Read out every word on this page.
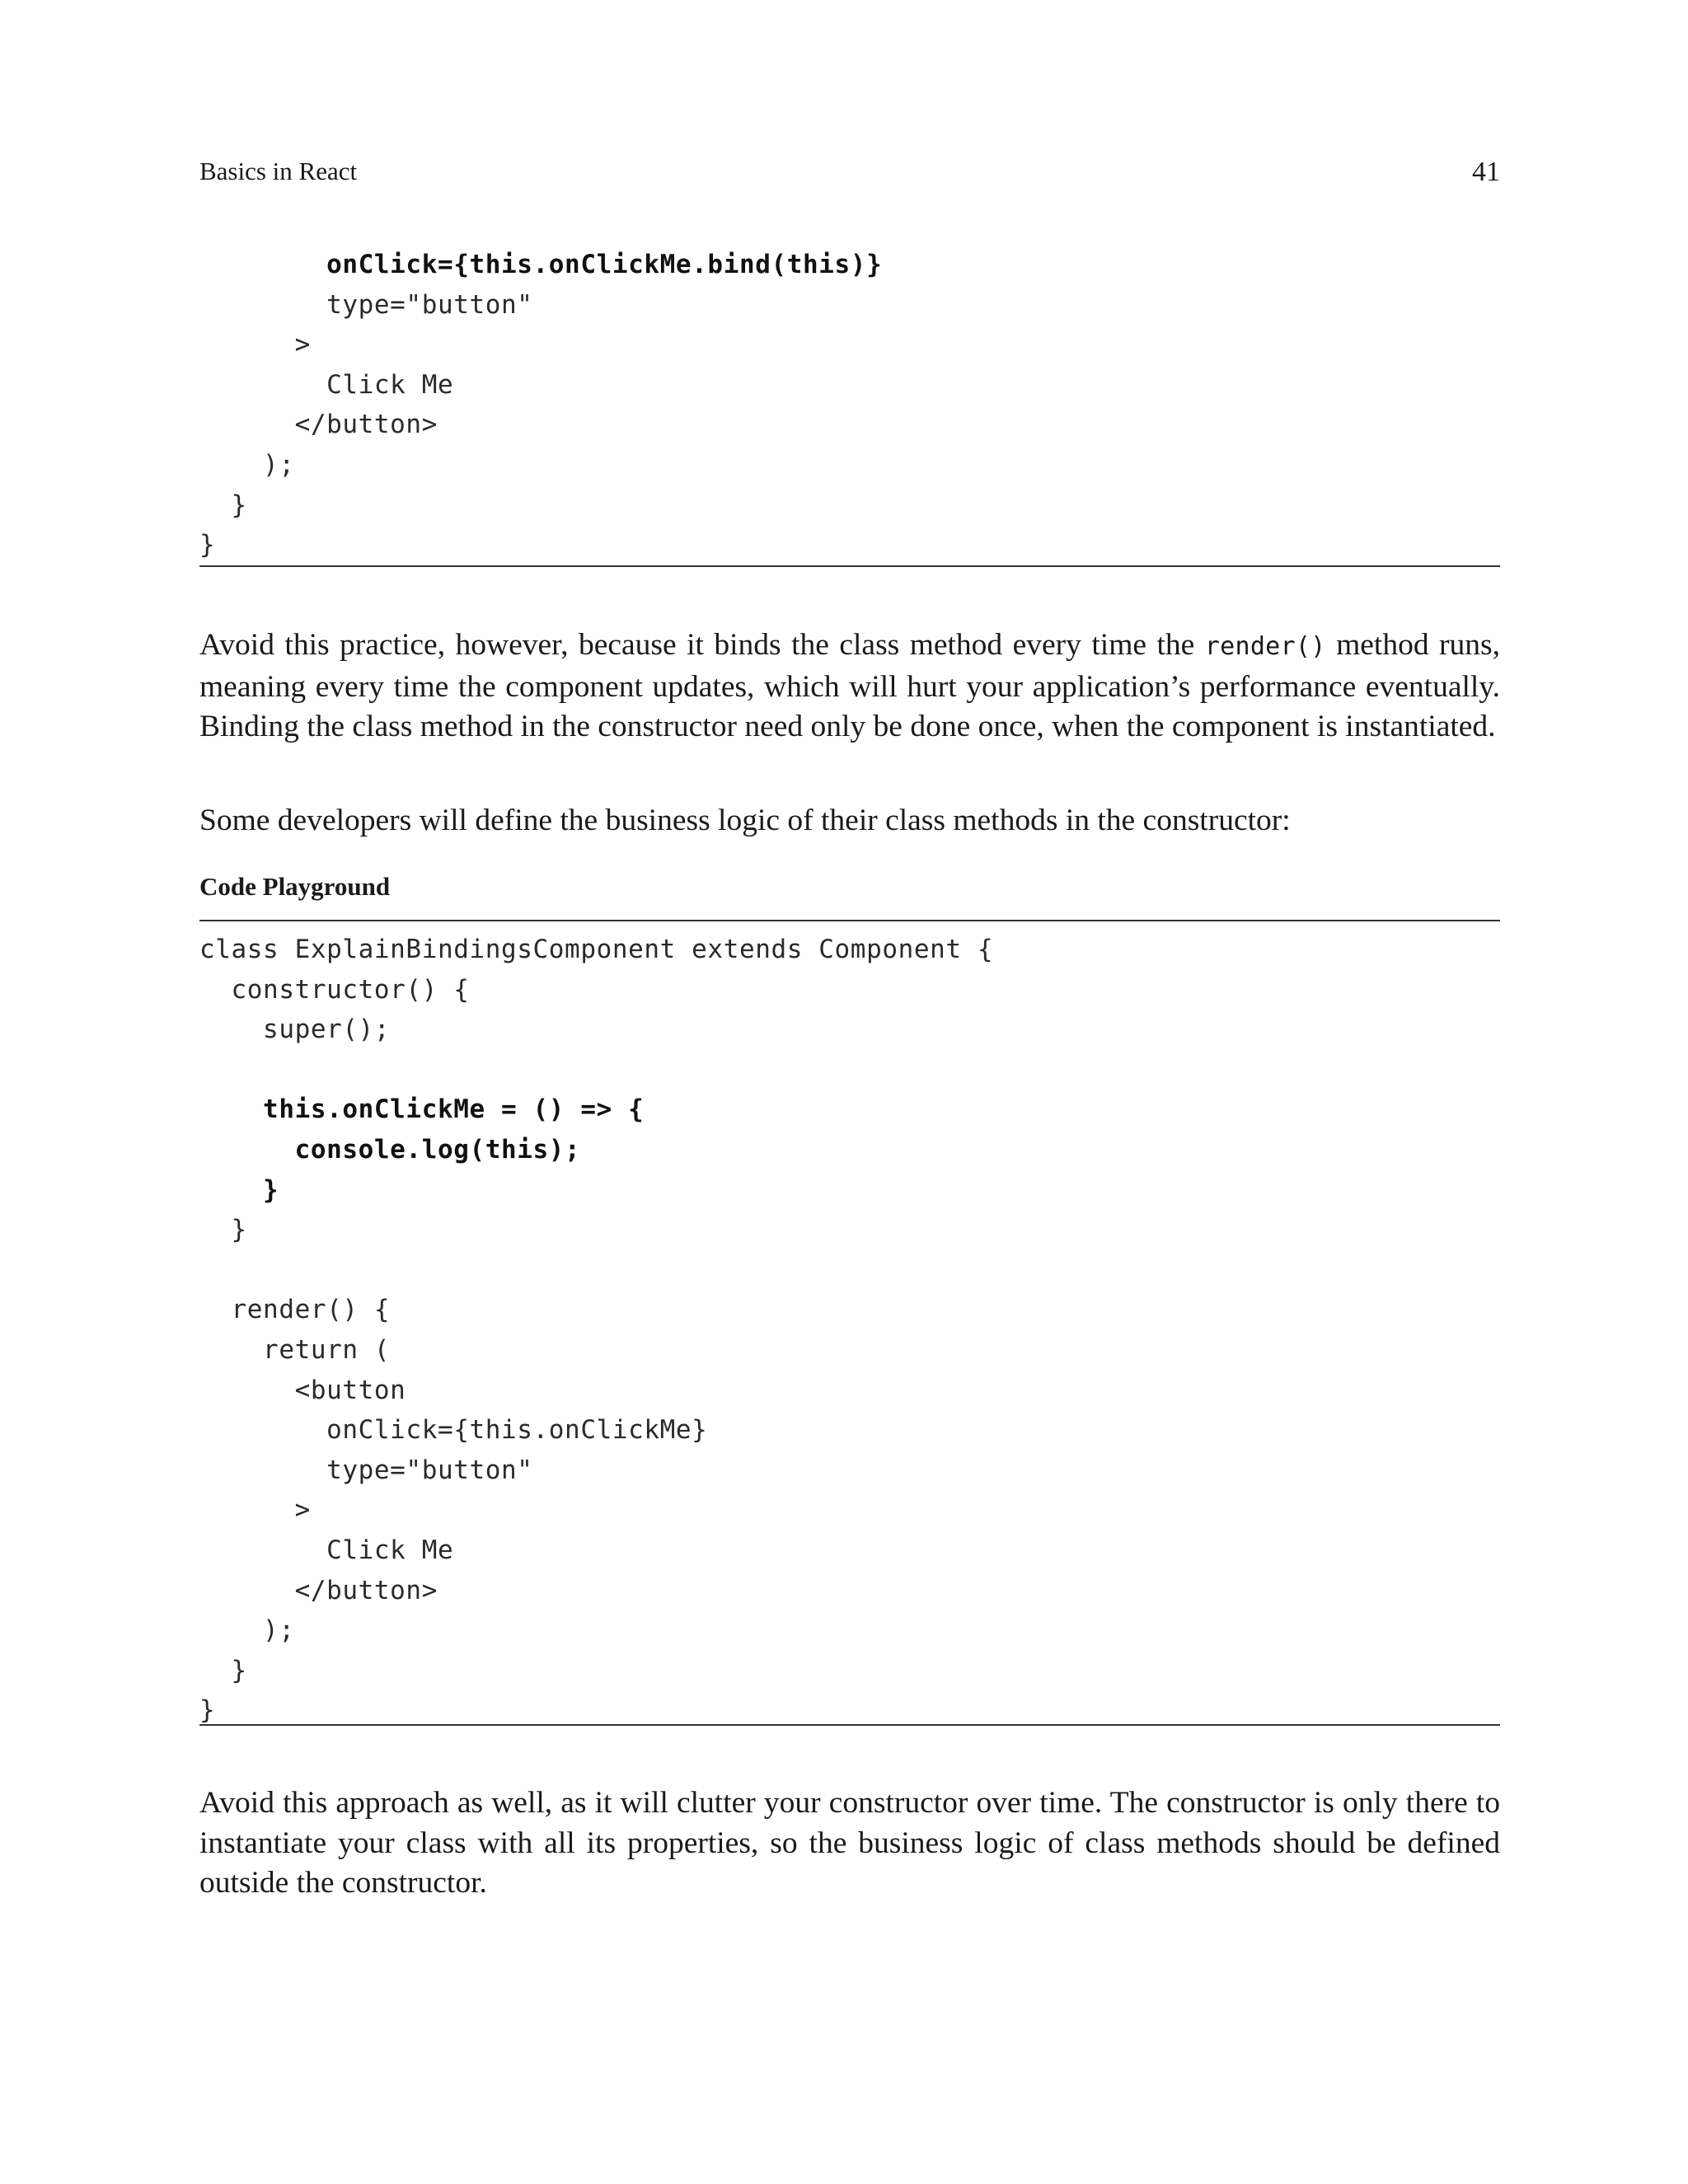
Basics in React	41
onClick={this.onClickMe.bind(this)}
type="button"
>
Click Me
</button>
);
}
}

Avoid this practice, however, because it binds the class method every time the render() method runs, meaning every time the component updates, which will hurt your application’s performance eventually. Binding the class method in the constructor need only be done once, when the component is instantiated.

Some developers will define the business logic of their class methods in the constructor:

Code Playground
class ExplainBindingsComponent extends Component {
constructor() {
super();
this.onClickMe = () => {
console.log(this);
}
}
render() {
return (
<button
onClick={this.onClickMe}
type="button"
>
Click Me
</button>
);
}
}

Avoid this approach as well, as it will clutter your constructor over time. The constructor is only there to instantiate your class with all its properties, so the business logic of class methods should be defined outside the constructor.
